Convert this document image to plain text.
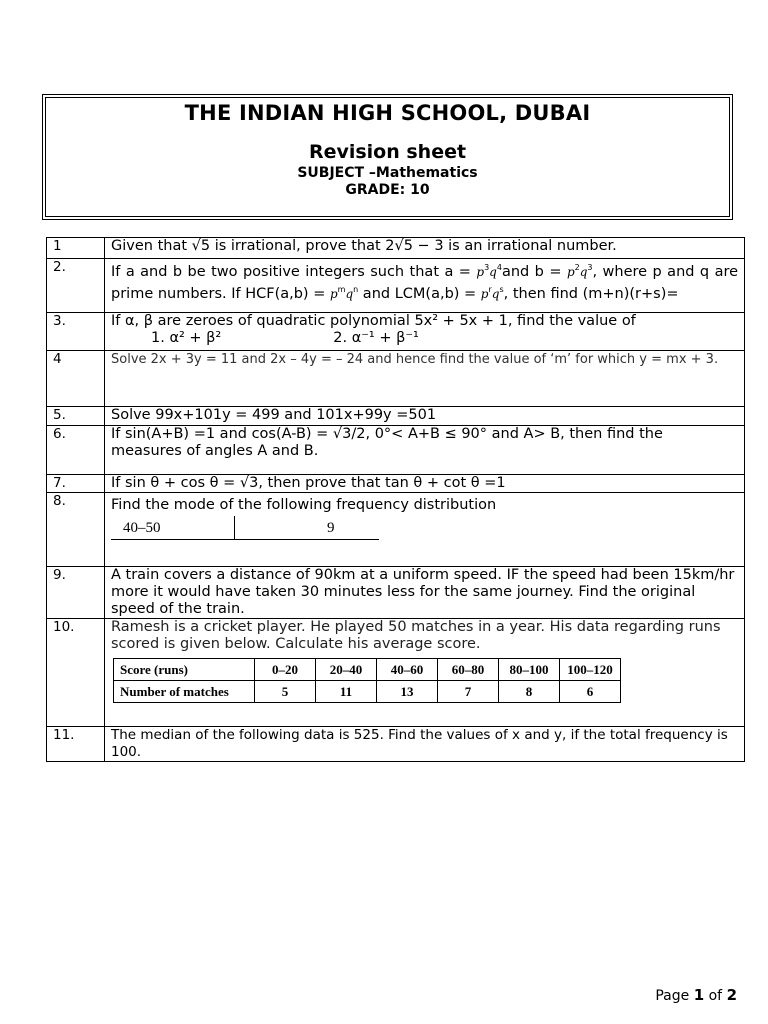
THE INDIAN HIGH SCHOOL, DUBAI
Revision sheet
SUBJECT –Mathematics
GRADE: 10
1	Given that √5 is irrational, prove that 2√5 − 3 is an irrational number.
2.	If a and b be two positive integers such that $a = p^3q^4and$ $b = p^2q^3$, where p and q are prime numbers. If $HCF(a,b) = p^mq^n$ and $LCM(a,b) = p^rq^s$, then find (m+n)(r+s)=
3.	If α, β are zeroes of quadratic polynomial 5x² + 5x + 1, find the value of
1. α² + β²	2. α⁻¹ + β⁻¹

4	Solve 2x + 3y = 11 and 2x – 4y = – 24 and hence find the value of ‘m’ for which y = mx + 3.
5.	Solve 99x+101y = 499 and 101x+99y =501
6.	If sin(A+B) =1 and cos(A-B) = √3/2, 0°< A+B ≤ 90° and A> B, then find the measures of angles A and B.
7.	If sin θ + cos θ = √3, then prove that tan θ + cot θ =1
8.	Find the mode of the following frequency distribution
40–50	9

9.	A train covers a distance of 90km at a uniform speed. IF the speed had been 15km/hr more it would have taken 30 minutes less for the same journey. Find the original speed of the train.
10.	Ramesh is a cricket player. He played 50 matches in a year. His data regarding runs scored is given below. Calculate his average score.
Score (runs)	0–20	20–40	40–60	60–80	80–100	100–120
Number of matches	5	11	13	7	8	6

11.	The median of the following data is 525. Find the values of x and y, if the total frequency is 100.
Page 1 of 2
